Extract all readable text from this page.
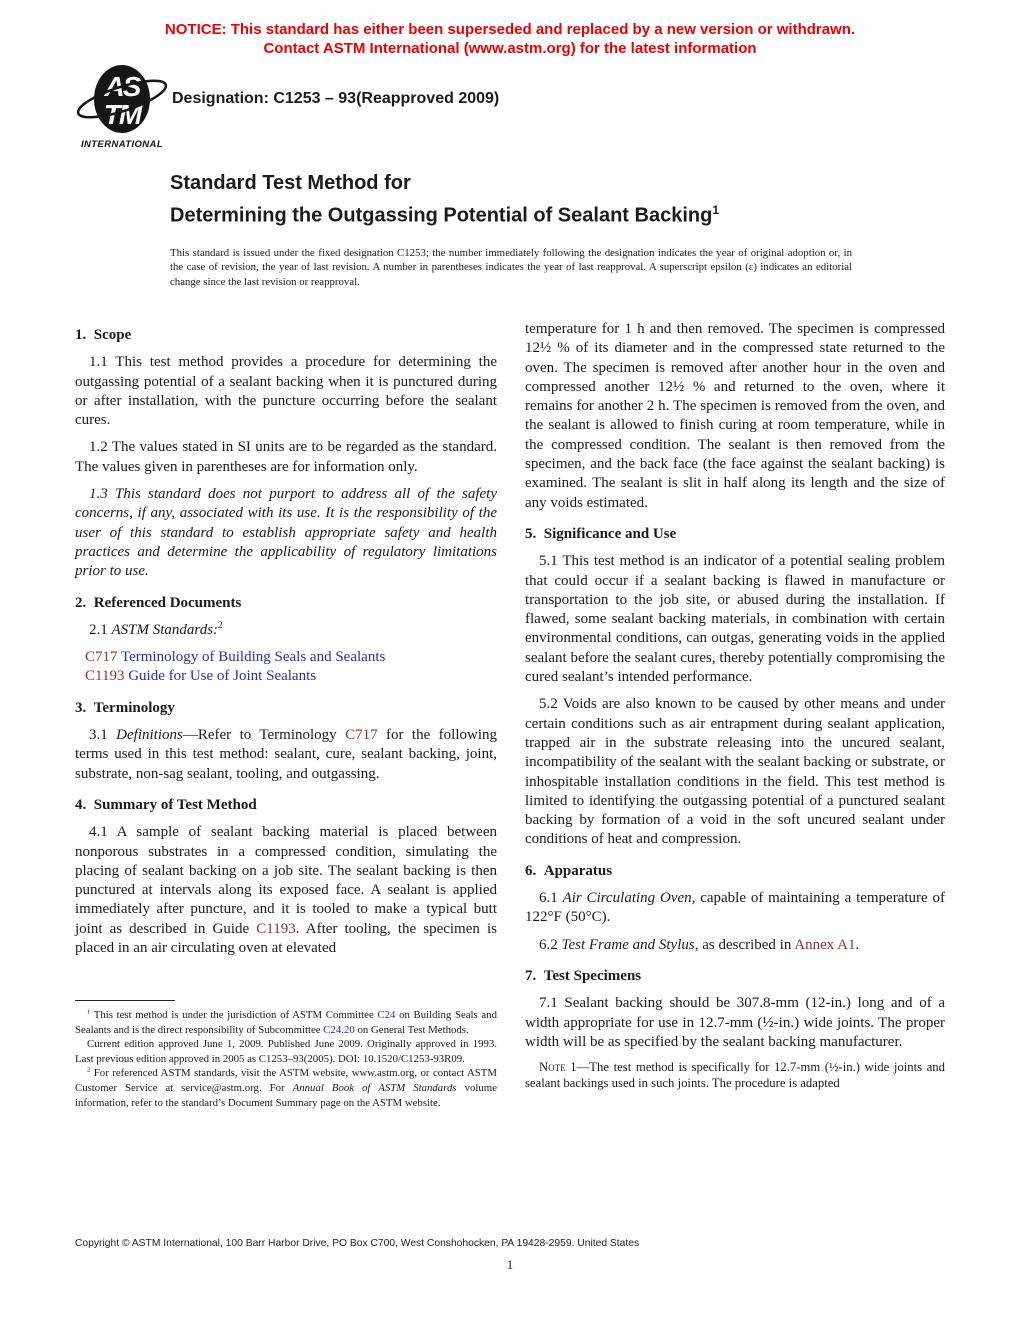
NOTICE: This standard has either been superseded and replaced by a new version or withdrawn.
Contact ASTM International (www.astm.org) for the latest information
AS
TM
INTERNATIONAL
Designation: C1253 – 93(Reapproved 2009)
Standard Test Method for
Determining the Outgassing Potential of Sealant Backing$^1$

This standard is issued under the fixed designation C1253; the number immediately following the designation indicates the year of original adoption or, in the case of revision, the year of last revision. A number in parentheses indicates the year of last reapproval. A superscript epsilon (ε) indicates an editorial change since the last revision or reapproval.

1. Scope

1.1 This test method provides a procedure for determining the outgassing potential of a sealant backing when it is punctured during or after installation, with the puncture occurring before the sealant cures.

1.2 The values stated in SI units are to be regarded as the standard. The values given in parentheses are for information only.

1.3 This standard does not purport to address all of the safety concerns, if any, associated with its use. It is the responsibility of the user of this standard to establish appropriate safety and health practices and determine the applicability of regulatory limitations prior to use.

2. Referenced Documents

2.1 ASTM Standards:$^2$

C717 Terminology of Building Seals and Sealants
C1193 Guide for Use of Joint Sealants
3. Terminology

3.1 Definitions—Refer to Terminology C717 for the following terms used in this test method: sealant, cure, sealant backing, joint, substrate, non-sag sealant, tooling, and outgassing.

4. Summary of Test Method

4.1 A sample of sealant backing material is placed between nonporous substrates in a compressed condition, simulating the placing of sealant backing on a job site. The sealant backing is then punctured at intervals along its exposed face. A sealant is applied immediately after puncture, and it is tooled to make a typical butt joint as described in Guide C1193. After tooling, the specimen is placed in an air circulating oven at elevated

$^1$ This test method is under the jurisdiction of ASTM Committee C24 on Building Seals and Sealants and is the direct responsibility of Subcommittee C24.20 on General Test Methods.

Current edition approved June 1, 2009. Published June 2009. Originally approved in 1993. Last previous edition approved in 2005 as C1253–93(2005). DOI: 10.1520/C1253-93R09.

$^2$ For referenced ASTM standards, visit the ASTM website, www.astm.org, or contact ASTM Customer Service at service@astm.org. For Annual Book of ASTM Standards volume information, refer to the standard’s Document Summary page on the ASTM website.

temperature for 1 h and then removed. The specimen is compressed 12½ % of its diameter and in the compressed state returned to the oven. The specimen is removed after another hour in the oven and compressed another 12½ % and returned to the oven, where it remains for another 2 h. The specimen is removed from the oven, and the sealant is allowed to finish curing at room temperature, while in the compressed condition. The sealant is then removed from the specimen, and the back face (the face against the sealant backing) is examined. The sealant is slit in half along its length and the size of any voids estimated.

5. Significance and Use

5.1 This test method is an indicator of a potential sealing problem that could occur if a sealant backing is flawed in manufacture or transportation to the job site, or abused during the installation. If flawed, some sealant backing materials, in combination with certain environmental conditions, can outgas, generating voids in the applied sealant before the sealant cures, thereby potentially compromising the cured sealant’s intended performance.

5.2 Voids are also known to be caused by other means and under certain conditions such as air entrapment during sealant application, trapped air in the substrate releasing into the uncured sealant, incompatibility of the sealant with the sealant backing or substrate, or inhospitable installation conditions in the field. This test method is limited to identifying the outgassing potential of a punctured sealant backing by formation of a void in the soft uncured sealant under conditions of heat and compression.

6. Apparatus

6.1 Air Circulating Oven, capable of maintaining a temperature of 122°F (50°C).

6.2 Test Frame and Stylus, as described in Annex A1.

7. Test Specimens

7.1 Sealant backing should be 307.8-mm (12-in.) long and of a width appropriate for use in 12.7-mm (½-in.) wide joints. The proper width will be as specified by the sealant backing manufacturer.

Note 1—The test method is specifically for 12.7-mm (½-in.) wide joints and sealant backings used in such joints. The procedure is adapted

Copyright © ASTM International, 100 Barr Harbor Drive, PO Box C700, West Conshohocken, PA 19428-2959. United States
1
